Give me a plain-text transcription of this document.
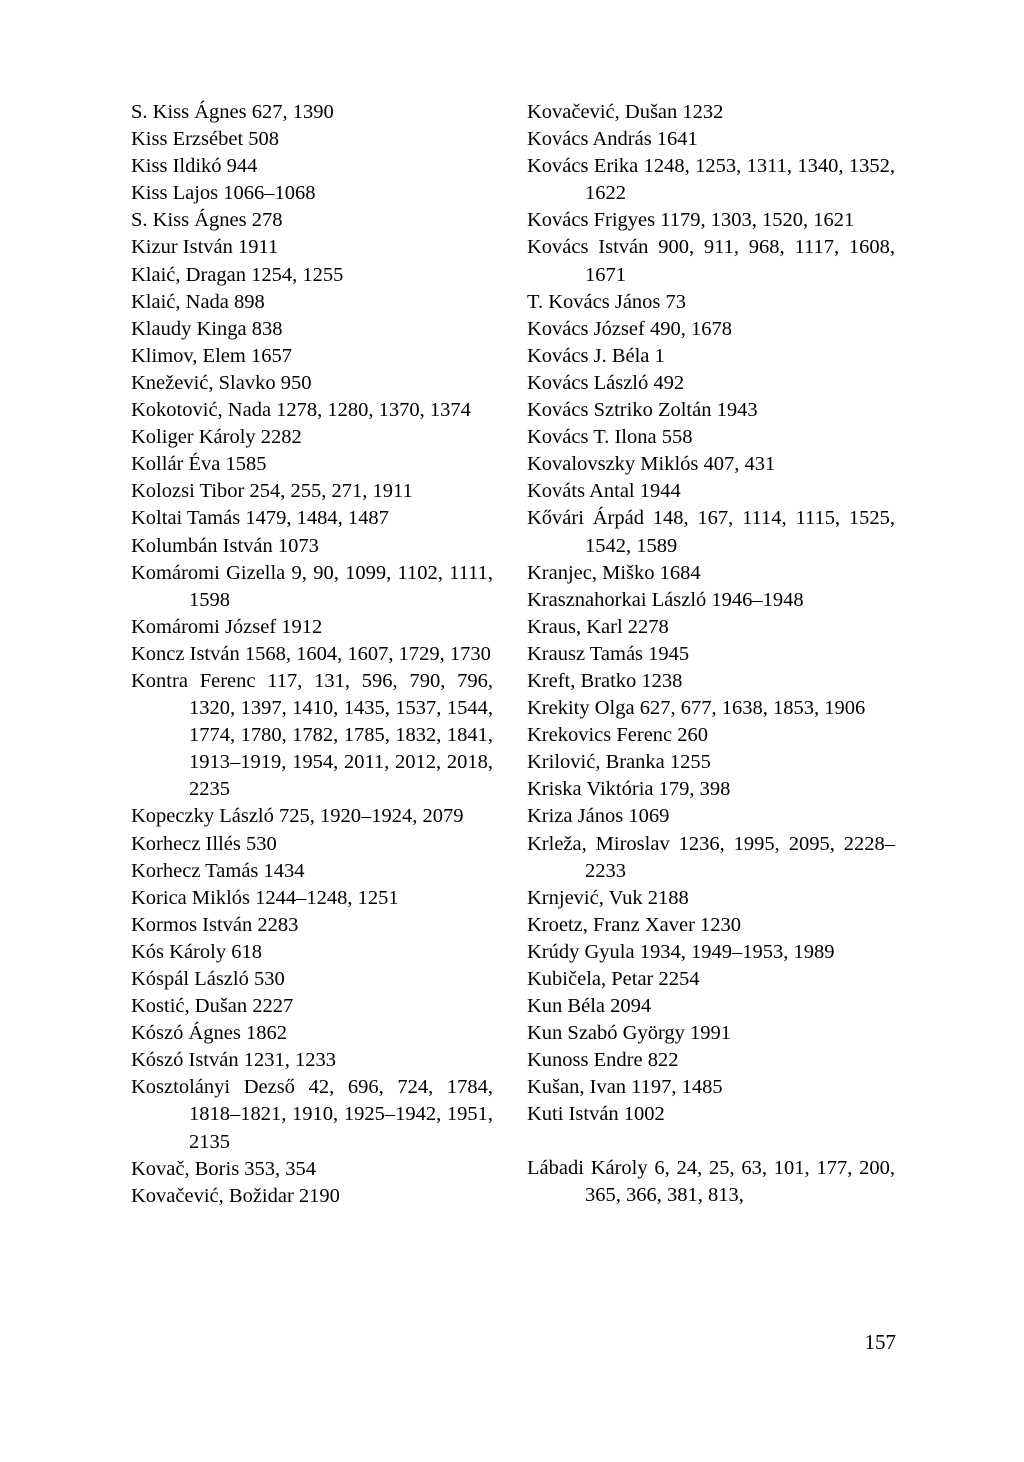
S. Kiss Ágnes 627, 1390

Kiss Erzsébet 508

Kiss Ildikó 944

Kiss Lajos 1066–1068

S. Kiss Ágnes 278

Kizur István 1911

Klaić, Dragan 1254, 1255

Klaić, Nada 898

Klaudy Kinga 838

Klimov, Elem 1657

Knežević, Slavko 950

Kokotović, Nada 1278, 1280, 1370, 1374

Koliger Károly 2282

Kollár Éva 1585

Kolozsi Tibor 254, 255, 271, 1911

Koltai Tamás 1479, 1484, 1487

Kolumbán István 1073

Komáromi Gizella 9, 90, 1099, 1102, 1111, 1598

Komáromi József 1912

Koncz István 1568, 1604, 1607, 1729, 1730

Kontra Ferenc 117, 131, 596, 790, 796, 1320, 1397, 1410, 1435, 1537, 1544, 1774, 1780, 1782, 1785, 1832, 1841, 1913–1919, 1954, 2011, 2012, 2018, 2235

Kopeczky László 725, 1920–1924, 2079

Korhecz Illés 530

Korhecz Tamás 1434

Korica Miklós 1244–1248, 1251

Kormos István 2283

Kós Károly 618

Kóspál László 530

Kostić, Dušan 2227

Kószó Ágnes 1862

Kószó István 1231, 1233

Kosztolányi Dezső 42, 696, 724, 1784, 1818–1821, 1910, 1925–1942, 1951, 2135

Kovač, Boris 353, 354

Kovačević, Božidar 2190

Kovačević, Dušan 1232

Kovács András 1641

Kovács Erika 1248, 1253, 1311, 1340, 1352, 1622

Kovács Frigyes 1179, 1303, 1520, 1621

Kovács István 900, 911, 968, 1117, 1608, 1671

T. Kovács János 73

Kovács József 490, 1678

Kovács J. Béla 1

Kovács László 492

Kovács Sztriko Zoltán 1943

Kovács T. Ilona 558

Kovalovszky Miklós 407, 431

Kováts Antal 1944

Kővári Árpád 148, 167, 1114, 1115, 1525, 1542, 1589

Kranjec, Miško 1684

Krasznahorkai László 1946–1948

Kraus, Karl 2278

Krausz Tamás 1945

Kreft, Bratko 1238

Krekity Olga 627, 677, 1638, 1853, 1906

Krekovics Ferenc 260

Krilović, Branka 1255

Kriska Viktória 179, 398

Kriza János 1069

Krleža, Miroslav 1236, 1995, 2095, 2228–2233

Krnjević, Vuk 2188

Kroetz, Franz Xaver 1230

Krúdy Gyula 1934, 1949–1953, 1989

Kubičela, Petar 2254

Kun Béla 2094

Kun Szabó György 1991

Kunoss Endre 822

Kušan, Ivan 1197, 1485

Kuti István 1002

Lábadi Károly 6, 24, 25, 63, 101, 177, 200, 365, 366, 381, 813,

157
